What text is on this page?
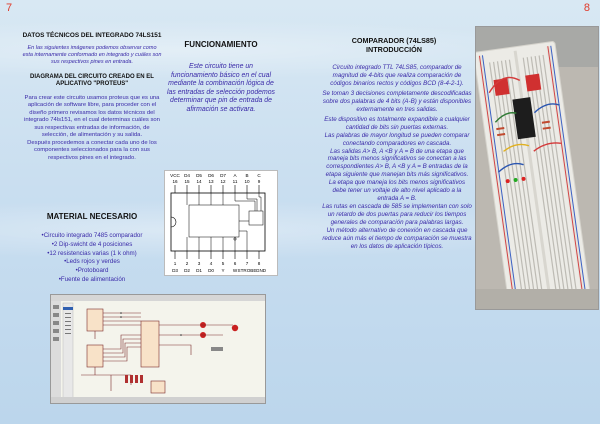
7	8

DATOS TÉCNICOS DEL INTEGRADO 74LS151

En las siguientes imágenes podemos observar como esta internamente conformado en integrado y cuáles son sus respectivos pines en entrada.

DIAGRAMA DEL CIRCUITO CREADO EN EL APLICATIVO "PROTEUS"

Para crear este circuito usamos proteus que es una aplicación de software libre, para proceder con el diseño primero revisamos los datos técnicos del integrado 74ls151, en el cual determinas cuáles son sus respectivas entradas de información, de selección, de alimentación y su salida.

Después procedemos a conectar cada uno de los componentes seleccionados para la con sus respectivos pines en el integrado.

MATERIAL NECESARIO
•Circuito integrado 7485 comparador
•2 Dip-swicht de 4 posiciones
•12 resistencias varias (1 k ohm)
•Leds rojos y verdes
•Protoboard
•Fuente de alimentación
FUNCIONAMIENTO

Este circuito tiene un funcionamiento básico en el cual mediante la combinación lógica de las entradas de selección podemos determinar que pin de entrada de afirmación se activara.

VCC D4 D5 D6 D7 A B C
16 15 14 13 12 11 10 9
1 2 3 4 5 6 7 8
D3 D2 D1 D0 Y W STROBE GND
COMPARADOR (74LS85)
INTRODUCCIÓN

Circuito integrado TTL 74LS85, comparador de magnitud de 4-bits que realiza comparación de códigos binarios rectos y códigos BCD (8-4-2-1).

Se toman 3 decisiones completamente descodificadas sobre dos palabras de 4 bits (A-B) y están disponibles externamente en tres salidas.

Este dispositivo es totalmente expandible a cualquier cantidad de bits sin puertas externas.

Las palabras de mayor longitud se pueden comparar conectando comparadores en cascada.

Las salidas A> B, A <B y A = B de una etapa que maneja bits menos significativos se conectan a las correspondientes A> B, A <B y A = B entradas de la etapa siguiente que manejan bits más significativos.

La etapa que maneja los bits menos significativos debe tener un voltaje de alto nivel aplicado a la entrada A = B.

Las rutas en cascada de 585 se implementan con solo un retardo de dos puertas para reducir los tiempos generales de comparación para palabras largas.

Un método alternativo de conexión en cascada que reduce aún más el tiempo de comparación se muestra en los datos de aplicación típicos.
